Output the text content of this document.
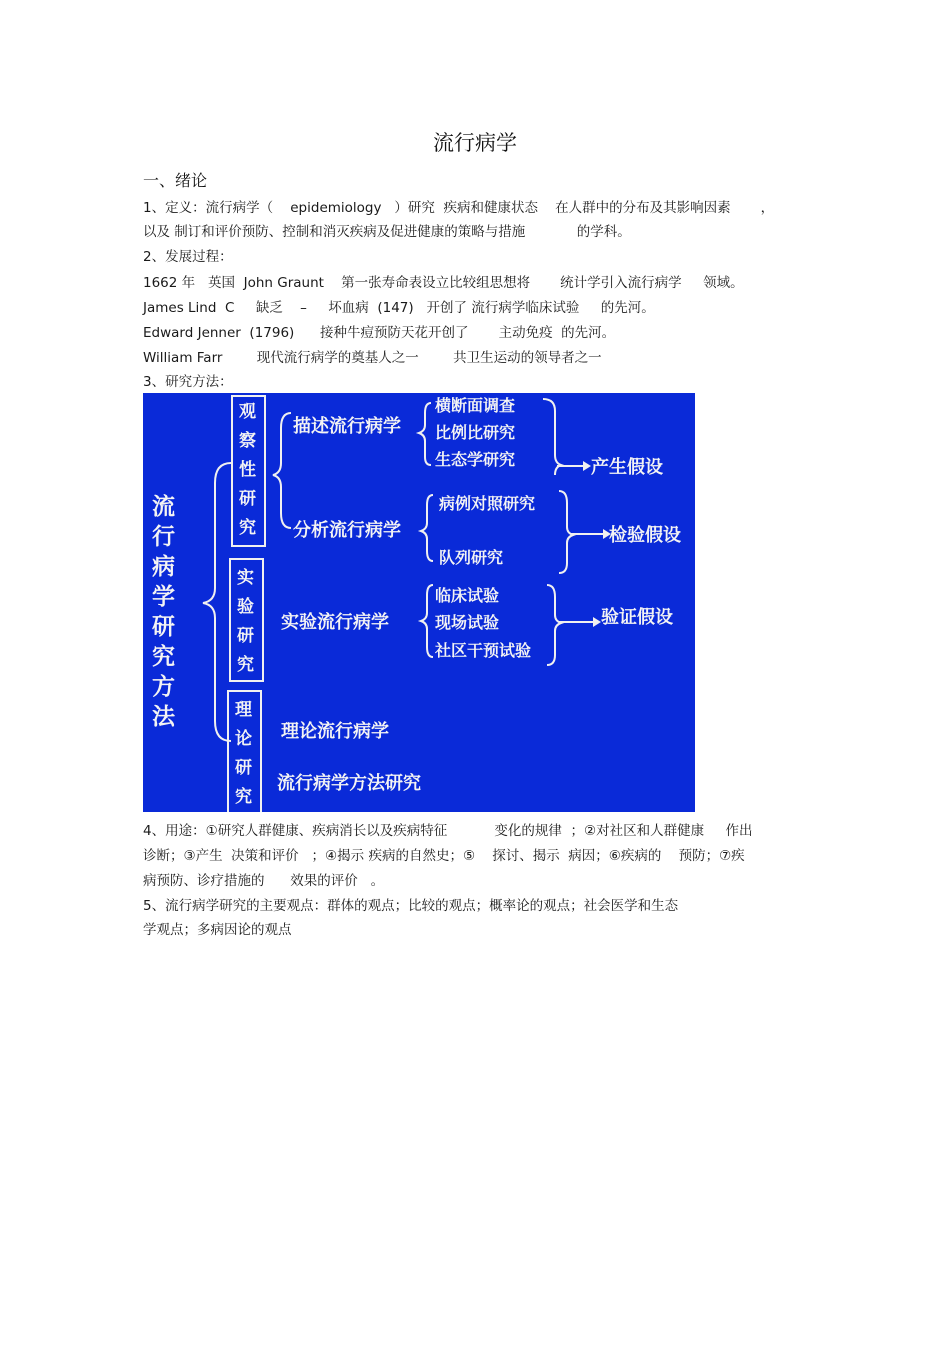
流行病学
一、绪论
1、定义：流行病学（    epidemiology   ）研究  疾病和健康状态    在人群中的分布及其影响因素       ，
以及 制订和评价预防、控制和消灭疾病及促进健康的策略与措施            的学科。
2、发展过程：
1662 年   英国  John Graunt    第一张寿命表设立比较组思想将       统计学引入流行病学     领域。
James Lind  C     缺乏    –     坏血病  (147)   开创了 流行病学临床试验     的先河。
Edward Jenner  (1796)      接种牛痘预防天花开创了       主动免疫  的先河。
William Farr        现代流行病学的奠基人之一        共卫生运动的领导者之一
3、研究方法：
流
行
病
学
研
究
方
法
观
察
性
研
究
实
验
研
究
理
论
研
究
描述流行病学
分析流行病学
实验流行病学
理论流行病学
流行病学方法研究
横断面调查
比例比研究
生态学研究
病例对照研究
队列研究
临床试验
现场试验
社区干预试验
产生假设
检验假设
验证假设
4、用途：①研究人群健康、疾病消长以及疾病特征           变化的规律  ；②对社区和人群健康     作出
诊断；③产生  决策和评价   ；④揭示 疾病的自然史；⑤    探讨、揭示  病因；⑥疾病的    预防；⑦疾
病预防、诊疗措施的      效果的评价   。
5、流行病学研究的主要观点：群体的观点；比较的观点；概率论的观点；社会医学和生态
学观点；多病因论的观点
